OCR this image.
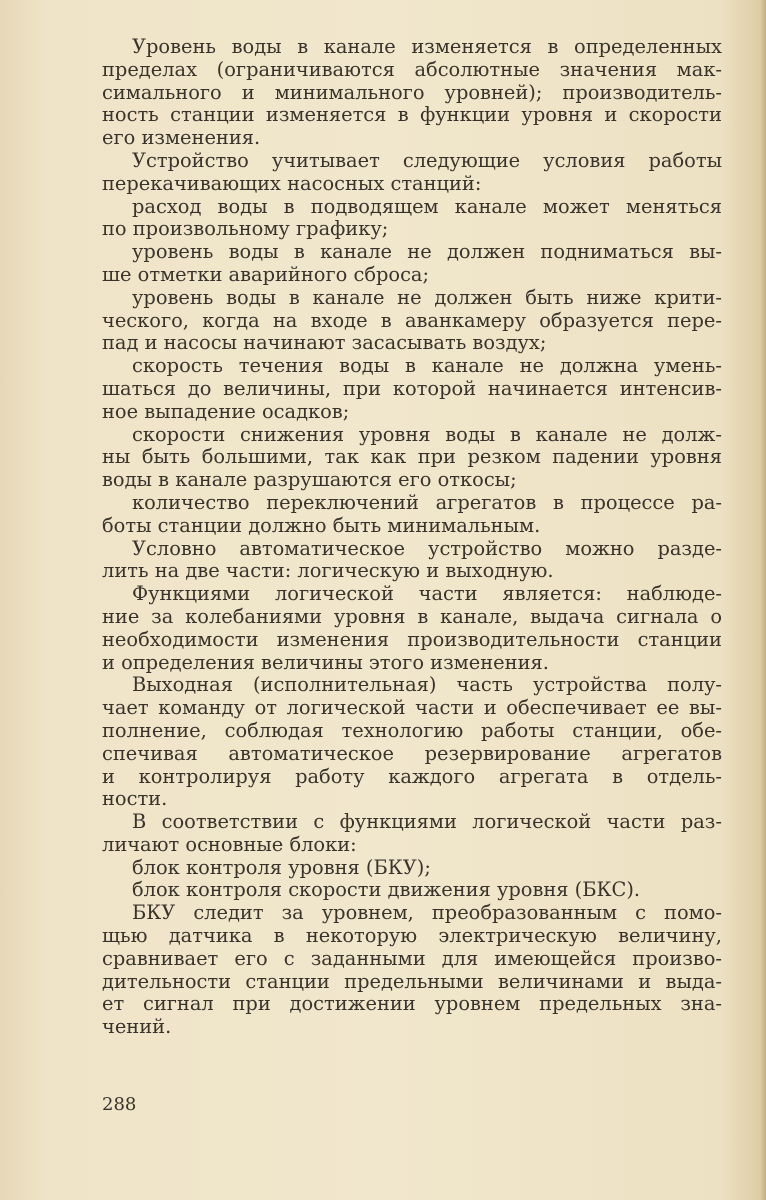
Уровень воды в канале изменяется в определенных
пределах (ограничиваются абсолютные значения мак-
симального и минимального уровней); производитель-
ность станции изменяется в функции уровня и скорости
его изменения.
Устройство учитывает следующие условия работы
перекачивающих насосных станций:
расход воды в подводящем канале может меняться
по произвольному графику;
уровень воды в канале не должен подниматься вы-
ше отметки аварийного сброса;
уровень воды в канале не должен быть ниже крити-
ческого, когда на входе в аванкамеру образуется пере-
пад и насосы начинают засасывать воздух;
скорость течения воды в канале не должна умень-
шаться до величины, при которой начинается интенсив-
ное выпадение осадков;
скорости снижения уровня воды в канале не долж-
ны быть большими, так как при резком падении уровня
воды в канале разрушаются его откосы;
количество переключений агрегатов в процессе ра-
боты станции должно быть минимальным.
Условно автоматическое устройство можно разде-
лить на две части: логическую и выходную.
Функциями логической части является: наблюде-
ние за колебаниями уровня в канале, выдача сигнала о
необходимости изменения производительности станции
и определения величины этого изменения.
Выходная (исполнительная) часть устройства полу-
чает команду от логической части и обеспечивает ее вы-
полнение, соблюдая технологию работы станции, обе-
спечивая автоматическое резервирование агрегатов
и контролируя работу каждого агрегата в отдель-
ности.
В соответствии с функциями логической части раз-
личают основные блоки:
блок контроля уровня (БКУ);
блок контроля скорости движения уровня (БКС).
БКУ следит за уровнем, преобразованным с помо-
щью датчика в некоторую электрическую величину,
сравнивает его с заданными для имеющейся произво-
дительности станции предельными величинами и выда-
ет сигнал при достижении уровнем предельных зна-
чений.
288
